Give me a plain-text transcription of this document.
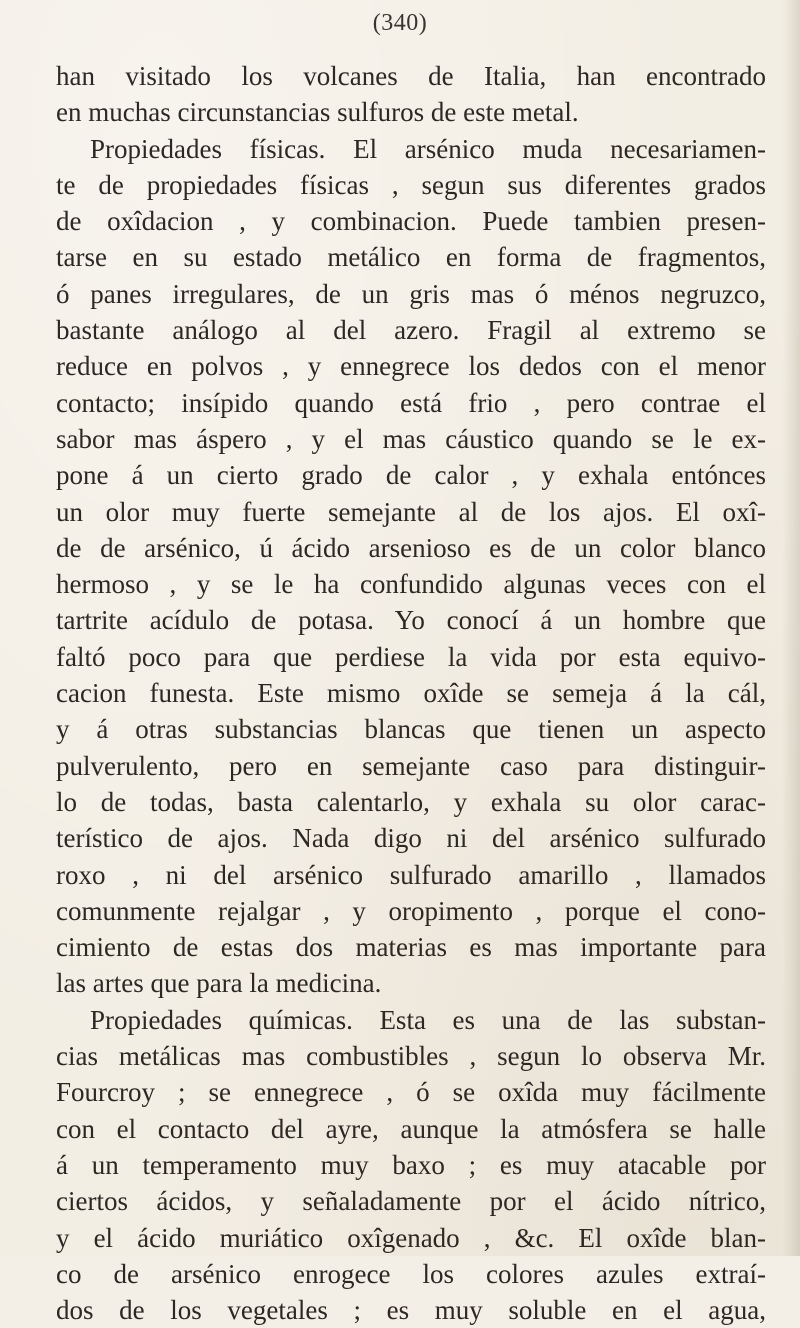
(340)
han visitado los volcanes de Italia, han encontrado
en muchas circunstancias sulfuros de este metal.
Propiedades físicas. El arsénico muda necesariamen-
te de propiedades físicas , segun sus diferentes grados
de oxîdacion , y combinacion. Puede tambien presen-
tarse en su estado metálico en forma de fragmentos,
ó panes irregulares, de un gris mas ó ménos negruzco,
bastante análogo al del azero. Fragil al extremo se
reduce en polvos , y ennegrece los dedos con el menor
contacto; insípido quando está frio , pero contrae el
sabor mas áspero , y el mas cáustico quando se le ex-
pone á un cierto grado de calor , y exhala entónces
un olor muy fuerte semejante al de los ajos. El oxî-
de de arsénico, ú ácido arsenioso es de un color blanco
hermoso , y se le ha confundido algunas veces con el
tartrite acídulo de potasa. Yo conocí á un hombre que
faltó poco para que perdiese la vida por esta equivo-
cacion funesta. Este mismo oxîde se semeja á la cál,
y á otras substancias blancas que tienen un aspecto
pulverulento, pero en semejante caso para distinguir-
lo de todas, basta calentarlo, y exhala su olor carac-
terístico de ajos. Nada digo ni del arsénico sulfurado
roxo , ni del arsénico sulfurado amarillo , llamados
comunmente rejalgar , y oropimento , porque el cono-
cimiento de estas dos materias es mas importante para
las artes que para la medicina.
Propiedades químicas. Esta es una de las substan-
cias metálicas mas combustibles , segun lo observa Mr.
Fourcroy ; se ennegrece , ó se oxîda muy fácilmente
con el contacto del ayre, aunque la atmósfera se halle
á un temperamento muy baxo ; es muy atacable por
ciertos ácidos, y señaladamente por el ácido nítrico,
y el ácido muriático oxîgenado , &c. El oxîde blan-
co de arsénico enrogece los colores azules extraí-
dos de los vegetales ; es muy soluble en el agua,
